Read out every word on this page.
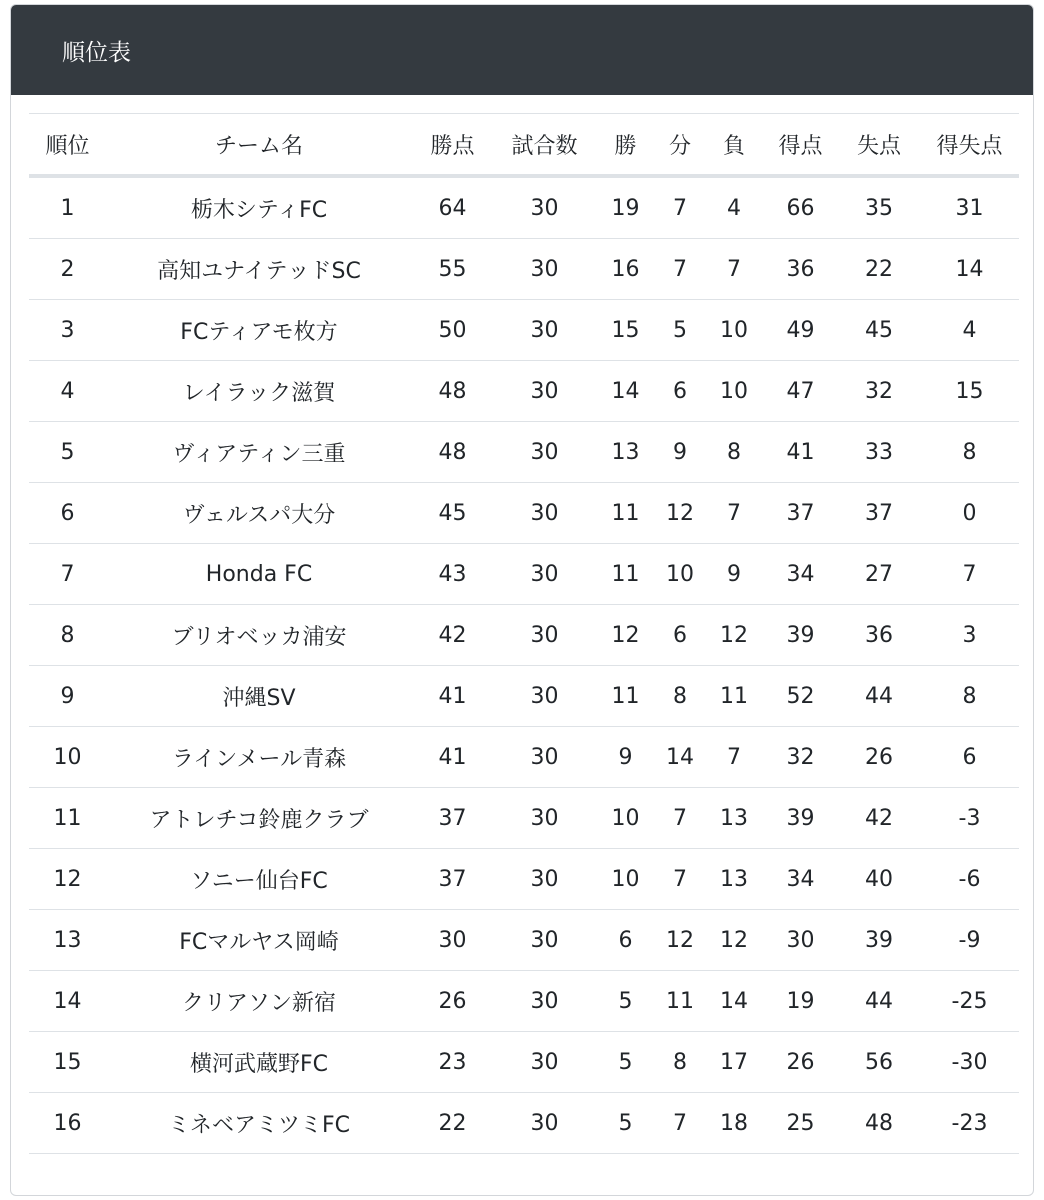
順位表
順位	チーム名	勝点	試合数	勝	分	負	得点	失点	得失点
1	栃木シティFC	64	30	19	7	4	66	35	31
2	高知ユナイテッドSC	55	30	16	7	7	36	22	14
3	FCティアモ枚方	50	30	15	5	10	49	45	4
4	レイラック滋賀	48	30	14	6	10	47	32	15
5	ヴィアティン三重	48	30	13	9	8	41	33	8
6	ヴェルスパ大分	45	30	11	12	7	37	37	0
7	Honda FC	43	30	11	10	9	34	27	7
8	ブリオベッカ浦安	42	30	12	6	12	39	36	3
9	沖縄SV	41	30	11	8	11	52	44	8
10	ラインメール青森	41	30	9	14	7	32	26	6
11	アトレチコ鈴鹿クラブ	37	30	10	7	13	39	42	-3
12	ソニー仙台FC	37	30	10	7	13	34	40	-6
13	FCマルヤス岡崎	30	30	6	12	12	30	39	-9
14	クリアソン新宿	26	30	5	11	14	19	44	-25
15	横河武蔵野FC	23	30	5	8	17	26	56	-30
16	ミネベアミツミFC	22	30	5	7	18	25	48	-23
